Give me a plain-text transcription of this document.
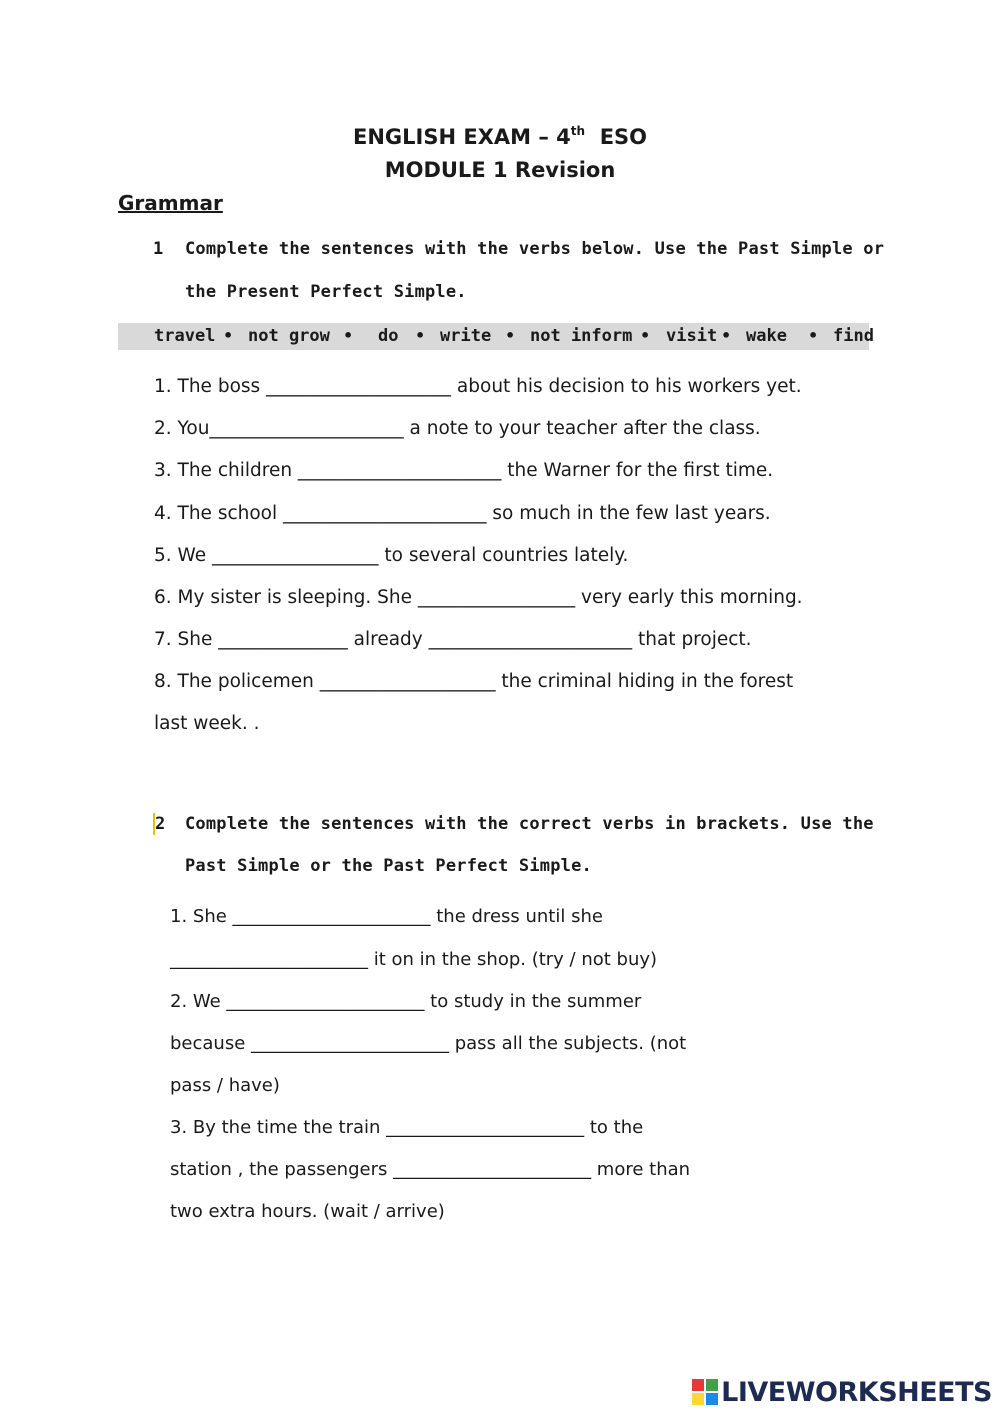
ENGLISH EXAM – 4th ESO
MODULE 1 Revision
Grammar
1 Complete the sentences with the verbs below. Use the Past Simple or
the Present Perfect Simple.
travel • not grow • do • write • not inform • visit • wake • find
1. The boss ____________________ about his decision to his workers yet.
2. You_____________________ a note to your teacher after the class.
3. The children ______________________ the Warner for the first time.
4. The school ______________________ so much in the few last years.
5. We __________________ to several countries lately.
6. My sister is sleeping. She _________________ very early this morning.
7. She ______________ already ______________________ that project.
8. The policemen ___________________ the criminal hiding in the forest
last week. .
2 Complete the sentences with the correct verbs in brackets. Use the
Past Simple or the Past Perfect Simple.
1. She ______________________ the dress until she
______________________ it on in the shop. (try / not buy)
2. We ______________________ to study in the summer
because ______________________ pass all the subjects. (not
pass / have)
3. By the time the train ______________________ to the
station , the passengers ______________________ more than
two extra hours. (wait / arrive)
LIVEWORKSHEETS
